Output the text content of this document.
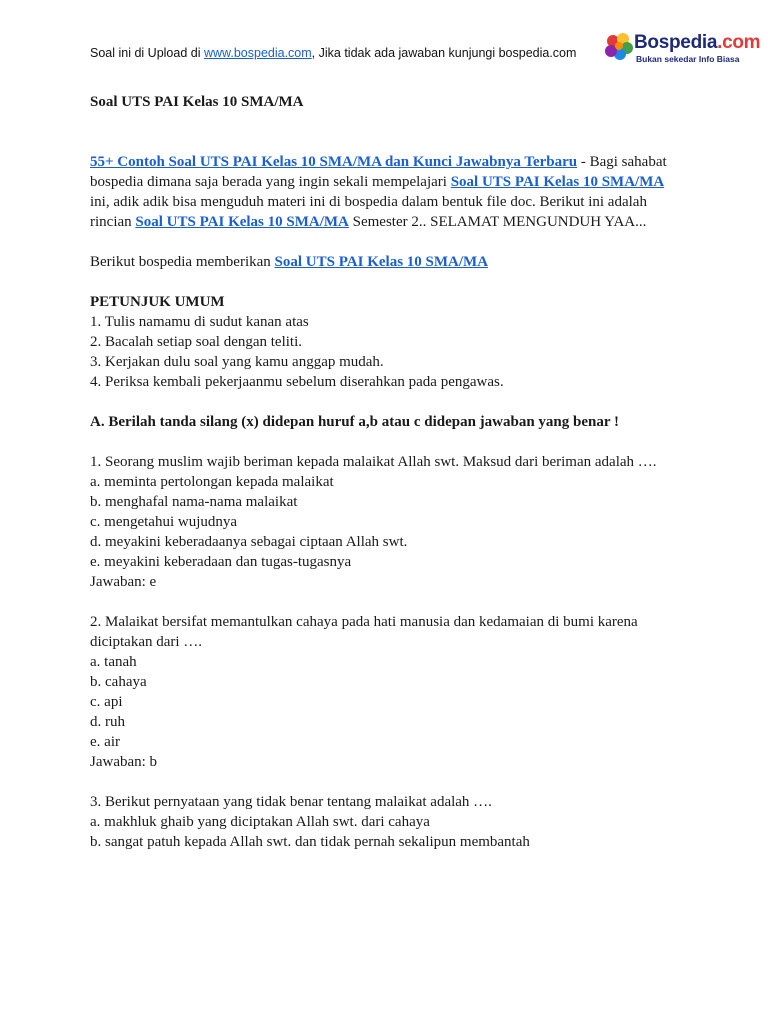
Soal ini di Upload di www.bospedia.com, Jika tidak ada jawaban kunjungi bospedia.com	Bospedia.com
Bukan sekedar Info Biasa

Soal UTS PAI Kelas 10 SMA/MA

55+ Contoh Soal UTS PAI Kelas 10 SMA/MA dan Kunci Jawabnya Terbaru - Bagi sahabat bospedia dimana saja berada yang ingin sekali mempelajari Soal UTS PAI Kelas 10 SMA/MA ini, adik adik bisa menguduh materi ini di bospedia dalam bentuk file doc. Berikut ini adalah rincian Soal UTS PAI Kelas 10 SMA/MA Semester 2.. SELAMAT MENGUNDUH YAA...

Berikut bospedia memberikan Soal UTS PAI Kelas 10 SMA/MA

PETUNJUK UMUM

1. Tulis namamu di sudut kanan atas

2. Bacalah setiap soal dengan teliti.

3. Kerjakan dulu soal yang kamu anggap mudah.

4. Periksa kembali pekerjaanmu sebelum diserahkan pada pengawas.

A. Berilah tanda silang (x) didepan huruf a,b atau c didepan jawaban yang benar !

1. Seorang muslim wajib beriman kepada malaikat Allah swt. Maksud dari beriman adalah ….

a. meminta pertolongan kepada malaikat

b. menghafal nama-nama malaikat

c. mengetahui wujudnya

d. meyakini keberadaanya sebagai ciptaan Allah swt.

e. meyakini keberadaan dan tugas-tugasnya

Jawaban: e

2. Malaikat bersifat memantulkan cahaya pada hati manusia dan kedamaian di bumi karena diciptakan dari ….

a. tanah

b. cahaya

c. api

d. ruh

e. air

Jawaban: b

3. Berikut pernyataan yang tidak benar tentang malaikat adalah ….

a. makhluk ghaib yang diciptakan Allah swt. dari cahaya

b. sangat patuh kepada Allah swt. dan tidak pernah sekalipun membantah
